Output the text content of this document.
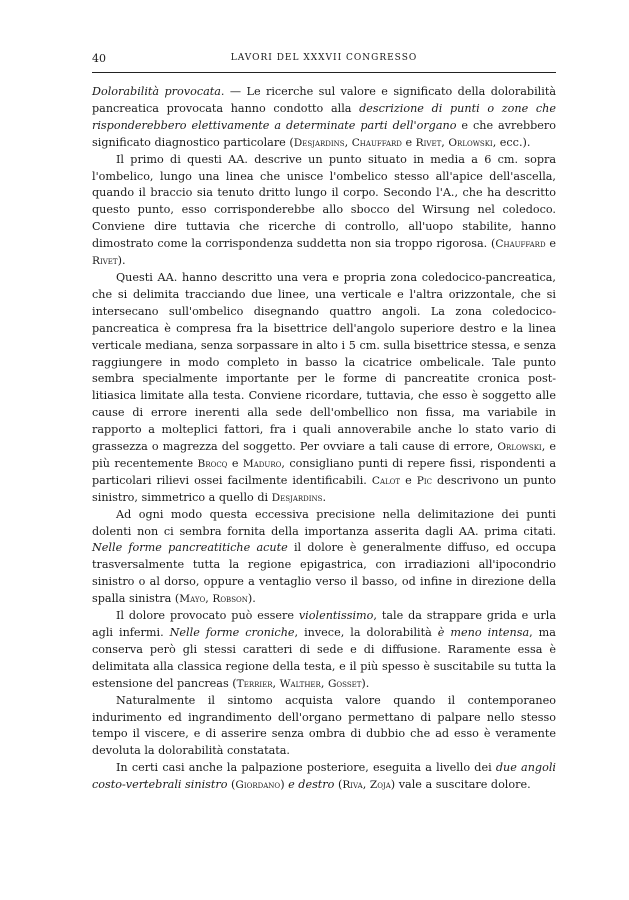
40	LAVORI DEL XXXVII CONGRESSO

Dolorabilità provocata. — Le ricerche sul valore e significato della dolorabilità pancreatica provocata hanno condotto alla descrizione di punti o zone che risponderebbero elettivamente a determinate parti dell'organo e che avrebbero significato diagnostico particolare (Desjardins, Chauffard e Rivet, Orlowski, ecc.).

Il primo di questi AA. descrive un punto situato in media a 6 cm. sopra l'ombelico, lungo una linea che unisce l'ombelico stesso all'apice dell'ascella, quando il braccio sia tenuto dritto lungo il corpo. Secondo l'A., che ha descritto questo punto, esso corrisponderebbe allo sbocco del Wirsung nel coledoco. Conviene dire tuttavia che ricerche di controllo, all'uopo stabilite, hanno dimostrato come la corrispondenza suddetta non sia troppo rigorosa. (Chauffard e Rivet).

Questi AA. hanno descritto una vera e propria zona coledocico-pancreatica, che si delimita tracciando due linee, una verticale e l'altra orizzontale, che si intersecano sull'ombelico disegnando quattro angoli. La zona coledocico-pancreatica è compresa fra la bisettrice dell'angolo superiore destro e la linea verticale mediana, senza sorpassare in alto i 5 cm. sulla bisettrice stessa, e senza raggiungere in modo completo in basso la cicatrice ombelicale. Tale punto sembra specialmente importante per le forme di pancreatite cronica post-litiasica limitate alla testa. Conviene ricordare, tuttavia, che esso è soggetto alle cause di errore inerenti alla sede dell'ombellico non fissa, ma variabile in rapporto a molteplici fattori, fra i quali annoverabile anche lo stato vario di grassezza o magrezza del soggetto. Per ovviare a tali cause di errore, Orlowski, e più recentemente Brocq e Maduro, consigliano punti di repere fissi, rispondenti a particolari rilievi ossei facilmente identificabili. Calot e Pic descrivono un punto sinistro, simmetrico a quello di Desjardins.

Ad ogni modo questa eccessiva precisione nella delimitazione dei punti dolenti non ci sembra fornita della importanza asserita dagli AA. prima citati. Nelle forme pancreatitiche acute il dolore è generalmente diffuso, ed occupa trasversalmente tutta la regione epigastrica, con irradiazioni all'ipocondrio sinistro o al dorso, oppure a ventaglio verso il basso, od infine in direzione della spalla sinistra (Mayo, Robson).

Il dolore provocato può essere violentissimo, tale da strappare grida e urla agli infermi. Nelle forme croniche, invece, la dolorabilità è meno intensa, ma conserva però gli stessi caratteri di sede e di diffusione. Raramente essa è delimitata alla classica regione della testa, e il più spesso è suscitabile su tutta la estensione del pancreas (Terrier, Walther, Gosset).

Naturalmente il sintomo acquista valore quando il contemporaneo indurimento ed ingrandimento dell'organo permettano di palpare nello stesso tempo il viscere, e di asserire senza ombra di dubbio che ad esso è veramente devoluta la dolorabilità constatata.

In certi casi anche la palpazione posteriore, eseguita a livello dei due angoli costo-vertebrali sinistro (Giordano) e destro (Riva, Zoja) vale a suscitare dolore.
